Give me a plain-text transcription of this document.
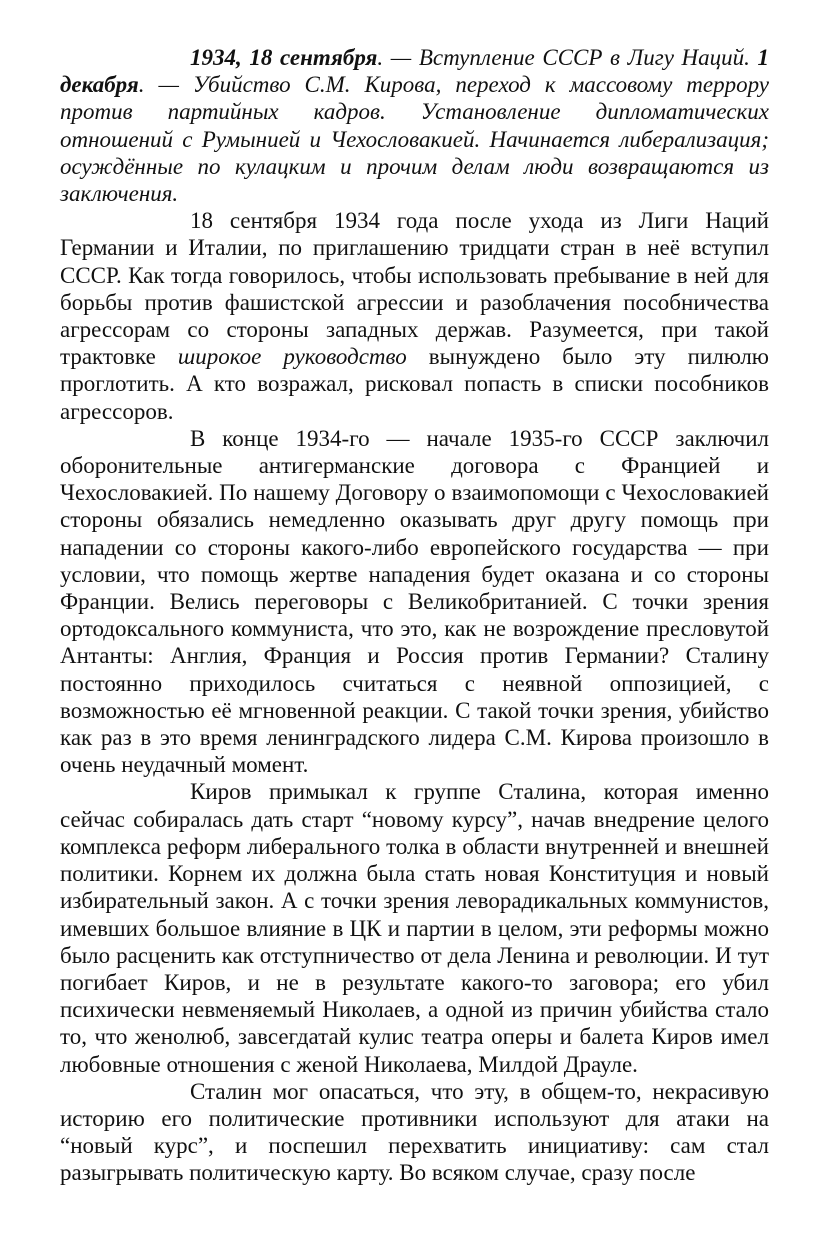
1934, 18 сентября. — Вступление СССР в Лигу Наций. 1 декабря. — Убийство С.М. Кирова, переход к массовому террору против партийных кадров. Установление дипломатических отношений с Румынией и Чехословакией. Начинается либерализация; осуждённые по кулацким и прочим делам люди возвращаются из заключения.

18 сентября 1934 года после ухода из Лиги Наций Германии и Италии, по приглашению тридцати стран в неё вступил СССР. Как тогда говорилось, чтобы использовать пребывание в ней для борьбы против фашистской агрессии и разоблачения пособничества агрессорам со стороны западных держав. Разумеется, при такой трактовке широкое руководство вынуждено было эту пилюлю проглотить. А кто возражал, рисковал попасть в списки пособников агрессоров.

В конце 1934-го — начале 1935-го СССР заключил оборонительные антигерманские договора с Францией и Чехословакией. По нашему Договору о взаимопомощи с Чехословакией стороны обязались немедленно оказывать друг другу помощь при нападении со стороны какого-либо европейского государства — при условии, что помощь жертве нападения будет оказана и со стороны Франции. Велись переговоры с Великобританией. С точки зрения ортодоксального коммуниста, что это, как не возрождение пресловутой Антанты: Англия, Франция и Россия против Германии? Сталину постоянно приходилось считаться с неявной оппозицией, с возможностью её мгновенной реакции. С такой точки зрения, убийство как раз в это время ленинградского лидера С.М. Кирова произошло в очень неудачный момент.

Киров примыкал к группе Сталина, которая именно сейчас собиралась дать старт “новому курсу”, начав внедрение целого комплекса реформ либерального толка в области внутренней и внешней политики. Корнем их должна была стать новая Конституция и новый избирательный закон. А с точки зрения леворадикальных коммунистов, имевших большое влияние в ЦК и партии в целом, эти реформы можно было расценить как отступничество от дела Ленина и революции. И тут погибает Киров, и не в результате какого-то заговора; его убил психически невменяемый Николаев, а одной из причин убийства стало то, что женолюб, завсегдатай кулис театра оперы и балета Киров имел любовные отношения с женой Николаева, Милдой Драуле.

Сталин мог опасаться, что эту, в общем-то, некрасивую историю его политические противники используют для атаки на “новый курс”, и поспешил перехватить инициативу: сам стал разыгрывать политическую карту. Во всяком случае, сразу после
